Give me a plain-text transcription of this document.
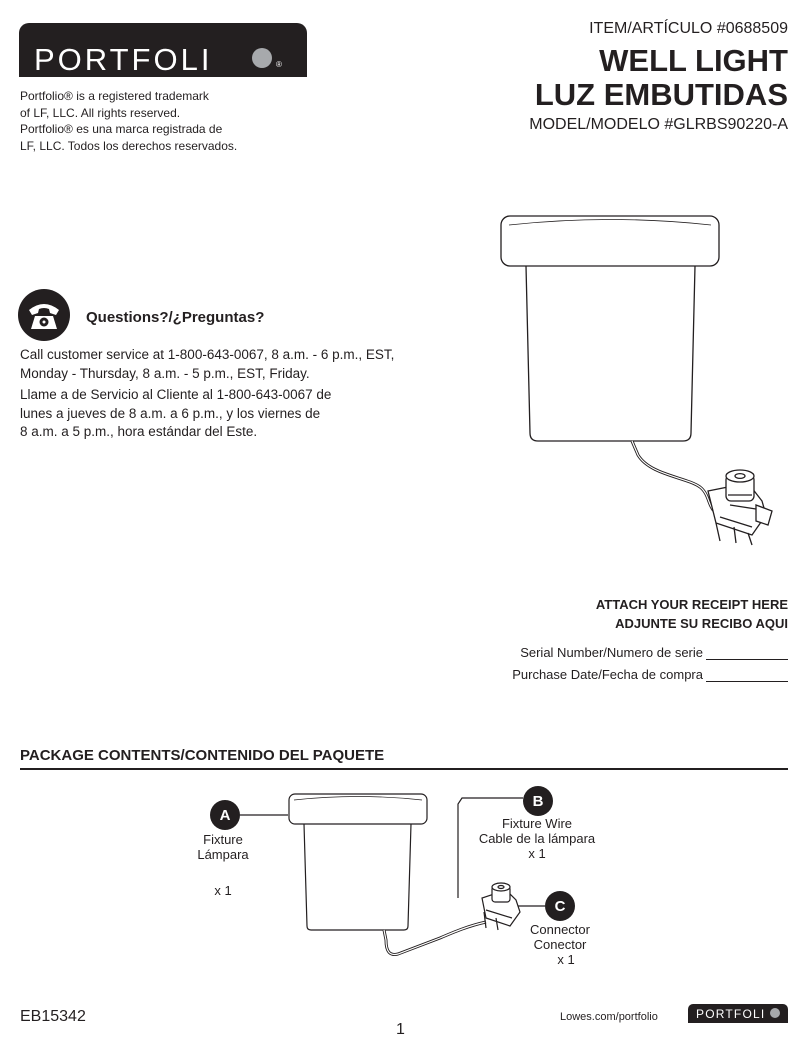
PORTFOLI	®
Portfolio® is a registered trademark
of LF, LLC. All rights reserved.
Portfolio® es una marca registrada de
LF, LLC. Todos los derechos reservados.
ITEM/ARTÍCULO #0688509
WELL LIGHT
LUZ EMBUTIDAS
MODEL/MODELO #GLRBS90220-A
Questions?/¿Preguntas?

Call customer service at 1-800-643-0067, 8 a.m. - 6 p.m., EST,
Monday - Thursday, 8 a.m. - 5 p.m., EST, Friday.

Llame a de Servicio al Cliente al 1-800-643-0067 de
lunes a jueves de 8 a.m. a 6 p.m., y los viernes de
8 a.m. a 5 p.m., hora estándar del Este.

ATTACH YOUR RECEIPT HERE
ADJUNTE SU RECIBO AQUI
Serial Number/Numero de serie
Purchase Date/Fecha de compra
PACKAGE CONTENTS/CONTENIDO DEL PAQUETE
A
Fixture
Lámpara
x 1
B
Fixture Wire
Cable de la lámpara
x 1
C
Connector
Conector
x 1
EB15342
1
Lowes.com/portfolio	PORTFOLI
